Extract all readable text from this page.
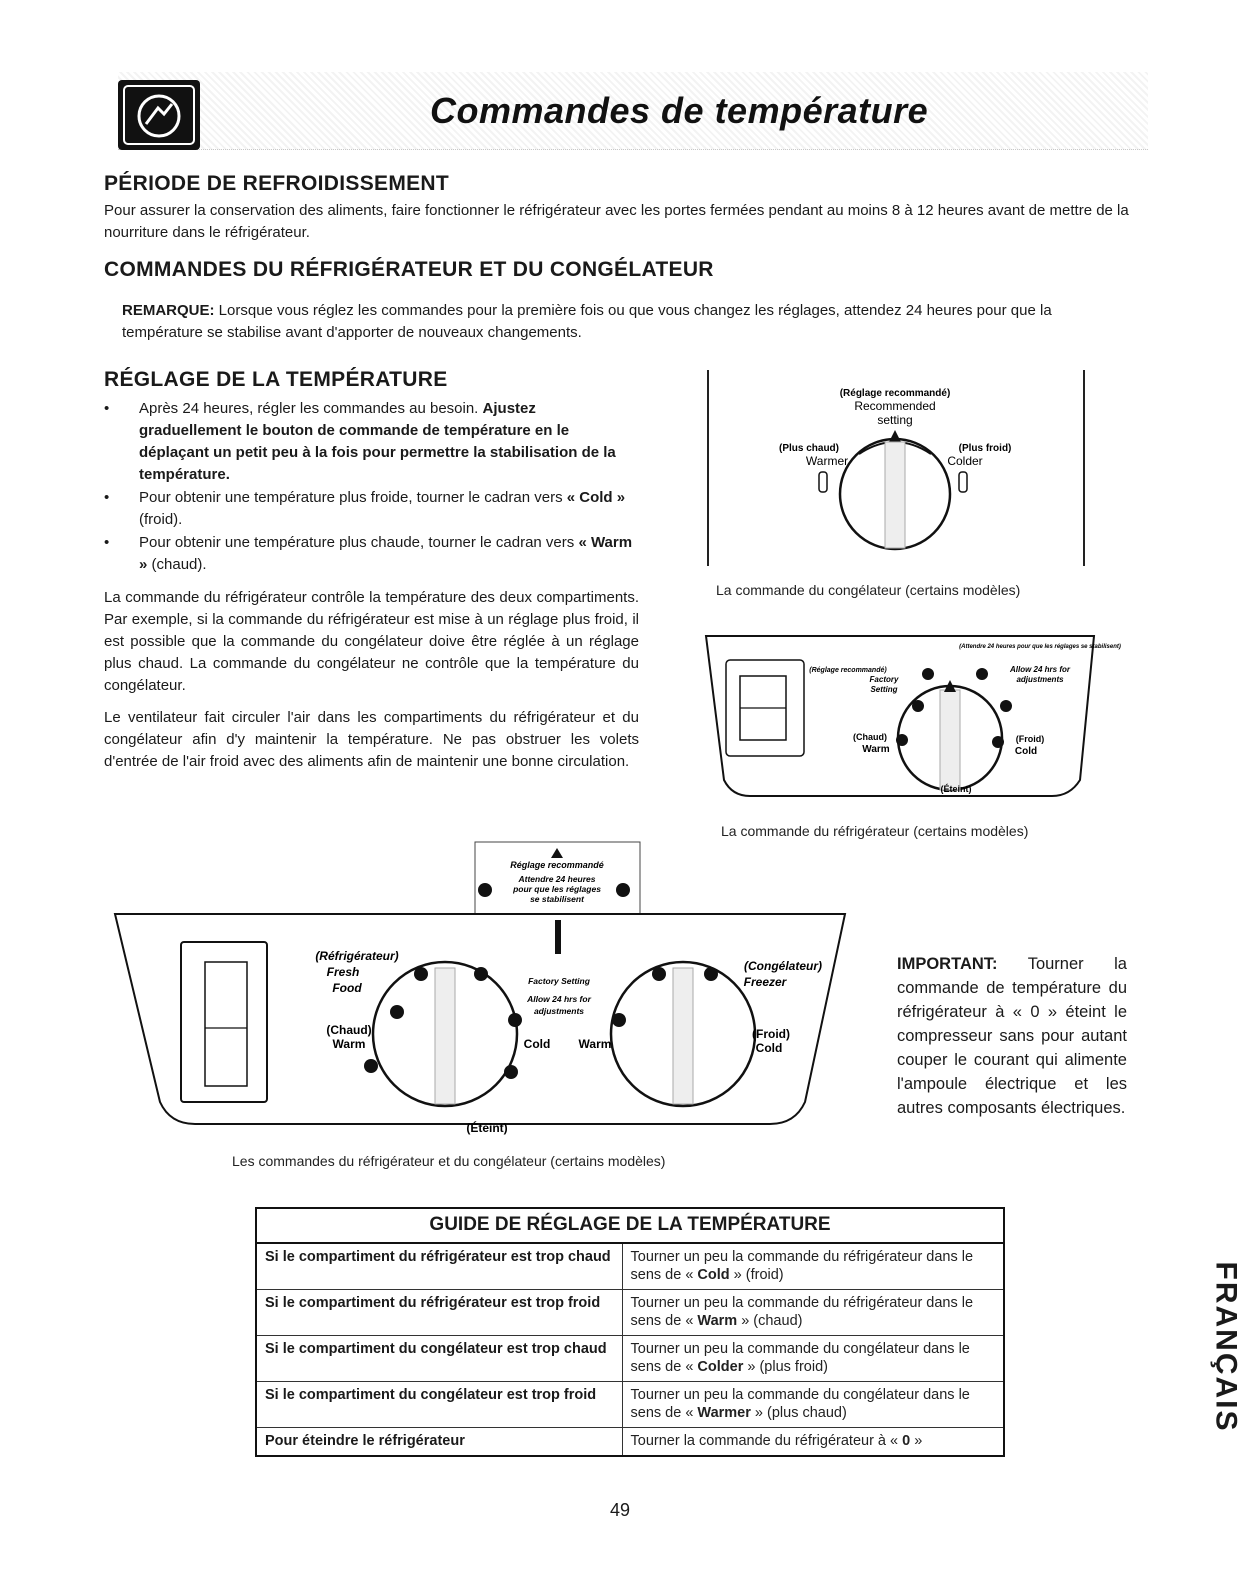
Commandes de température
PÉRIODE DE REFROIDISSEMENT

Pour assurer la conservation des aliments, faire fonctionner le réfrigérateur avec les portes fermées pendant au moins 8 à 12 heures avant de mettre de la nourriture dans le réfrigérateur.

COMMANDES DU RÉFRIGÉRATEUR ET DU CONGÉLATEUR

REMARQUE: Lorsque vous réglez les commandes pour la première fois ou que vous changez les réglages, attendez 24 heures pour que la température se stabilise avant d'apporter de nouveaux changements.

RÉGLAGE DE LA TEMPÉRATURE
• Après 24 heures, régler les commandes au besoin. Ajustez graduellement le bouton de commande de température en le déplaçant un petit peu à la fois pour permettre la stabilisation de la température.
• Pour obtenir une température plus froide, tourner le cadran vers « Cold » (froid).
• Pour obtenir une température plus chaude, tourner le cadran vers « Warm » (chaud).

La commande du réfrigérateur contrôle la température des deux compartiments. Par exemple, si la commande du réfrigérateur est mise à un réglage plus froid, il est possible que la commande du congélateur doive être réglée à un réglage plus chaud. La commande du congélateur ne contrôle que la température du congélateur.

Le ventilateur fait circuler l'air dans les compartiments du réfrigérateur et du congélateur afin d'y maintenir la température. Ne pas obstruer les volets d'entrée de l'air froid avec des aliments afin de maintenir une bonne circulation.

(Réglage recommandé)
Recommended
setting
(Plus chaud)
Warmer
(Plus froid)
Colder
La commande du congélateur (certains modèles)
(Réglage recommandé)
Factory
Setting
(Attendre 24 heures pour que les réglages se stabilisent)
Allow 24 hrs for
adjustments
(Chaud)
Warm
(Froid)
Cold
(Éteint)
La commande du réfrigérateur (certains modèles)
Réglage recommandé
Attendre 24 heures
pour que les réglages
se stabilisent
(Réfrigérateur)
Fresh
Food
(Congélateur)
Freezer
Factory Setting
Allow 24 hrs for
adjustments
(Chaud)
Warm
(Froid)
Cold
Cold Warm
(Éteint)
Les commandes du réfrigérateur et du congélateur (certains modèles)
IMPORTANT: Tourner la commande de température du réfrigérateur à « 0 » éteint le compresseur sans pour autant couper le courant qui alimente l'ampoule électrique et les autres composants électriques.
GUIDE DE RÉGLAGE DE LA TEMPÉRATURE	
Si le compartiment du réfrigérateur est trop chaud	Tourner un peu la commande du réfrigérateur dans le sens de « Cold » (froid)
Si le compartiment du réfrigérateur est trop froid	Tourner un peu la commande du réfrigérateur dans le sens de « Warm » (chaud)
Si le compartiment du congélateur est trop chaud	Tourner un peu la commande du congélateur dans le sens de « Colder » (plus froid)
Si le compartiment du congélateur est trop froid	Tourner un peu la commande du congélateur dans le sens de « Warmer » (plus chaud)
Pour éteindre le réfrigérateur	Tourner la commande du réfrigérateur à « 0 »
49
FRANÇAIS
